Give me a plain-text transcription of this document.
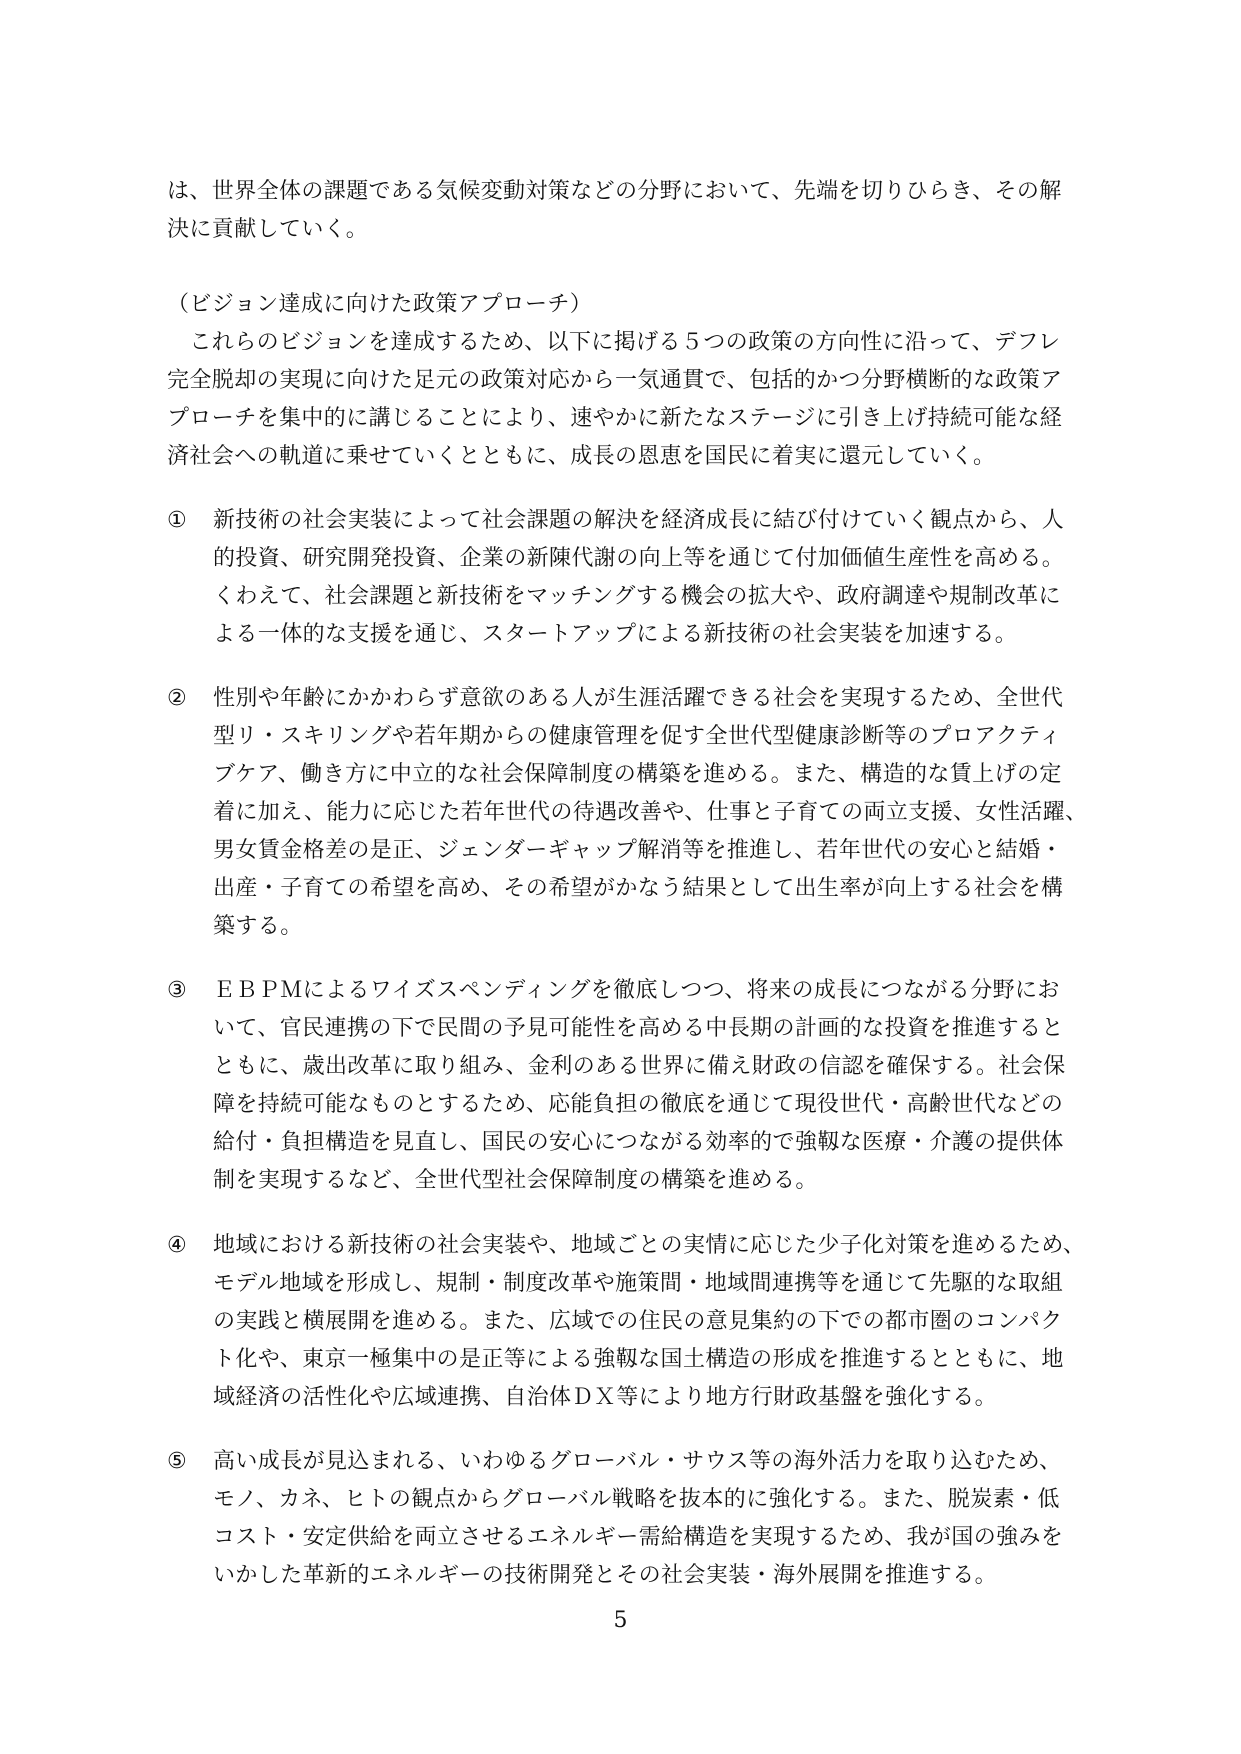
は、世界全体の課題である気候変動対策などの分野において、先端を切りひらき、その解
決に貢献していく。
（ビジョン達成に向けた政策アプローチ）
　これらのビジョンを達成するため、以下に掲げる５つの政策の方向性に沿って、デフレ
完全脱却の実現に向けた足元の政策対応から一気通貫で、包括的かつ分野横断的な政策ア
プローチを集中的に講じることにより、速やかに新たなステージに引き上げ持続可能な経
済社会への軌道に乗せていくとともに、成長の恩恵を国民に着実に還元していく。
① 新技術の社会実装によって社会課題の解決を経済成長に結び付けていく観点から、人
的投資、研究開発投資、企業の新陳代謝の向上等を通じて付加価値生産性を高める。
くわえて、社会課題と新技術をマッチングする機会の拡大や、政府調達や規制改革に
よる一体的な支援を通じ、スタートアップによる新技術の社会実装を加速する。
② 性別や年齢にかかわらず意欲のある人が生涯活躍できる社会を実現するため、全世代
型リ・スキリングや若年期からの健康管理を促す全世代型健康診断等のプロアクティ
ブケア、働き方に中立的な社会保障制度の構築を進める。また、構造的な賃上げの定
着に加え、能力に応じた若年世代の待遇改善や、仕事と子育ての両立支援、女性活躍、
男女賃金格差の是正、ジェンダーギャップ解消等を推進し、若年世代の安心と結婚・
出産・子育ての希望を高め、その希望がかなう結果として出生率が向上する社会を構
築する。
③ ＥＢＰＭによるワイズスペンディングを徹底しつつ、将来の成長につながる分野にお
いて、官民連携の下で民間の予見可能性を高める中長期の計画的な投資を推進すると
ともに、歳出改革に取り組み、金利のある世界に備え財政の信認を確保する。社会保
障を持続可能なものとするため、応能負担の徹底を通じて現役世代・高齢世代などの
給付・負担構造を見直し、国民の安心につながる効率的で強靱な医療・介護の提供体
制を実現するなど、全世代型社会保障制度の構築を進める。
④ 地域における新技術の社会実装や、地域ごとの実情に応じた少子化対策を進めるため、
モデル地域を形成し、規制・制度改革や施策間・地域間連携等を通じて先駆的な取組
の実践と横展開を進める。また、広域での住民の意見集約の下での都市圏のコンパク
ト化や、東京一極集中の是正等による強靱な国土構造の形成を推進するとともに、地
域経済の活性化や広域連携、自治体ＤＸ等により地方行財政基盤を強化する。
⑤ 高い成長が見込まれる、いわゆるグローバル・サウス等の海外活力を取り込むため、
モノ、カネ、ヒトの観点からグローバル戦略を抜本的に強化する。また、脱炭素・低
コスト・安定供給を両立させるエネルギー需給構造を実現するため、我が国の強みを
いかした革新的エネルギーの技術開発とその社会実装・海外展開を推進する。
5
